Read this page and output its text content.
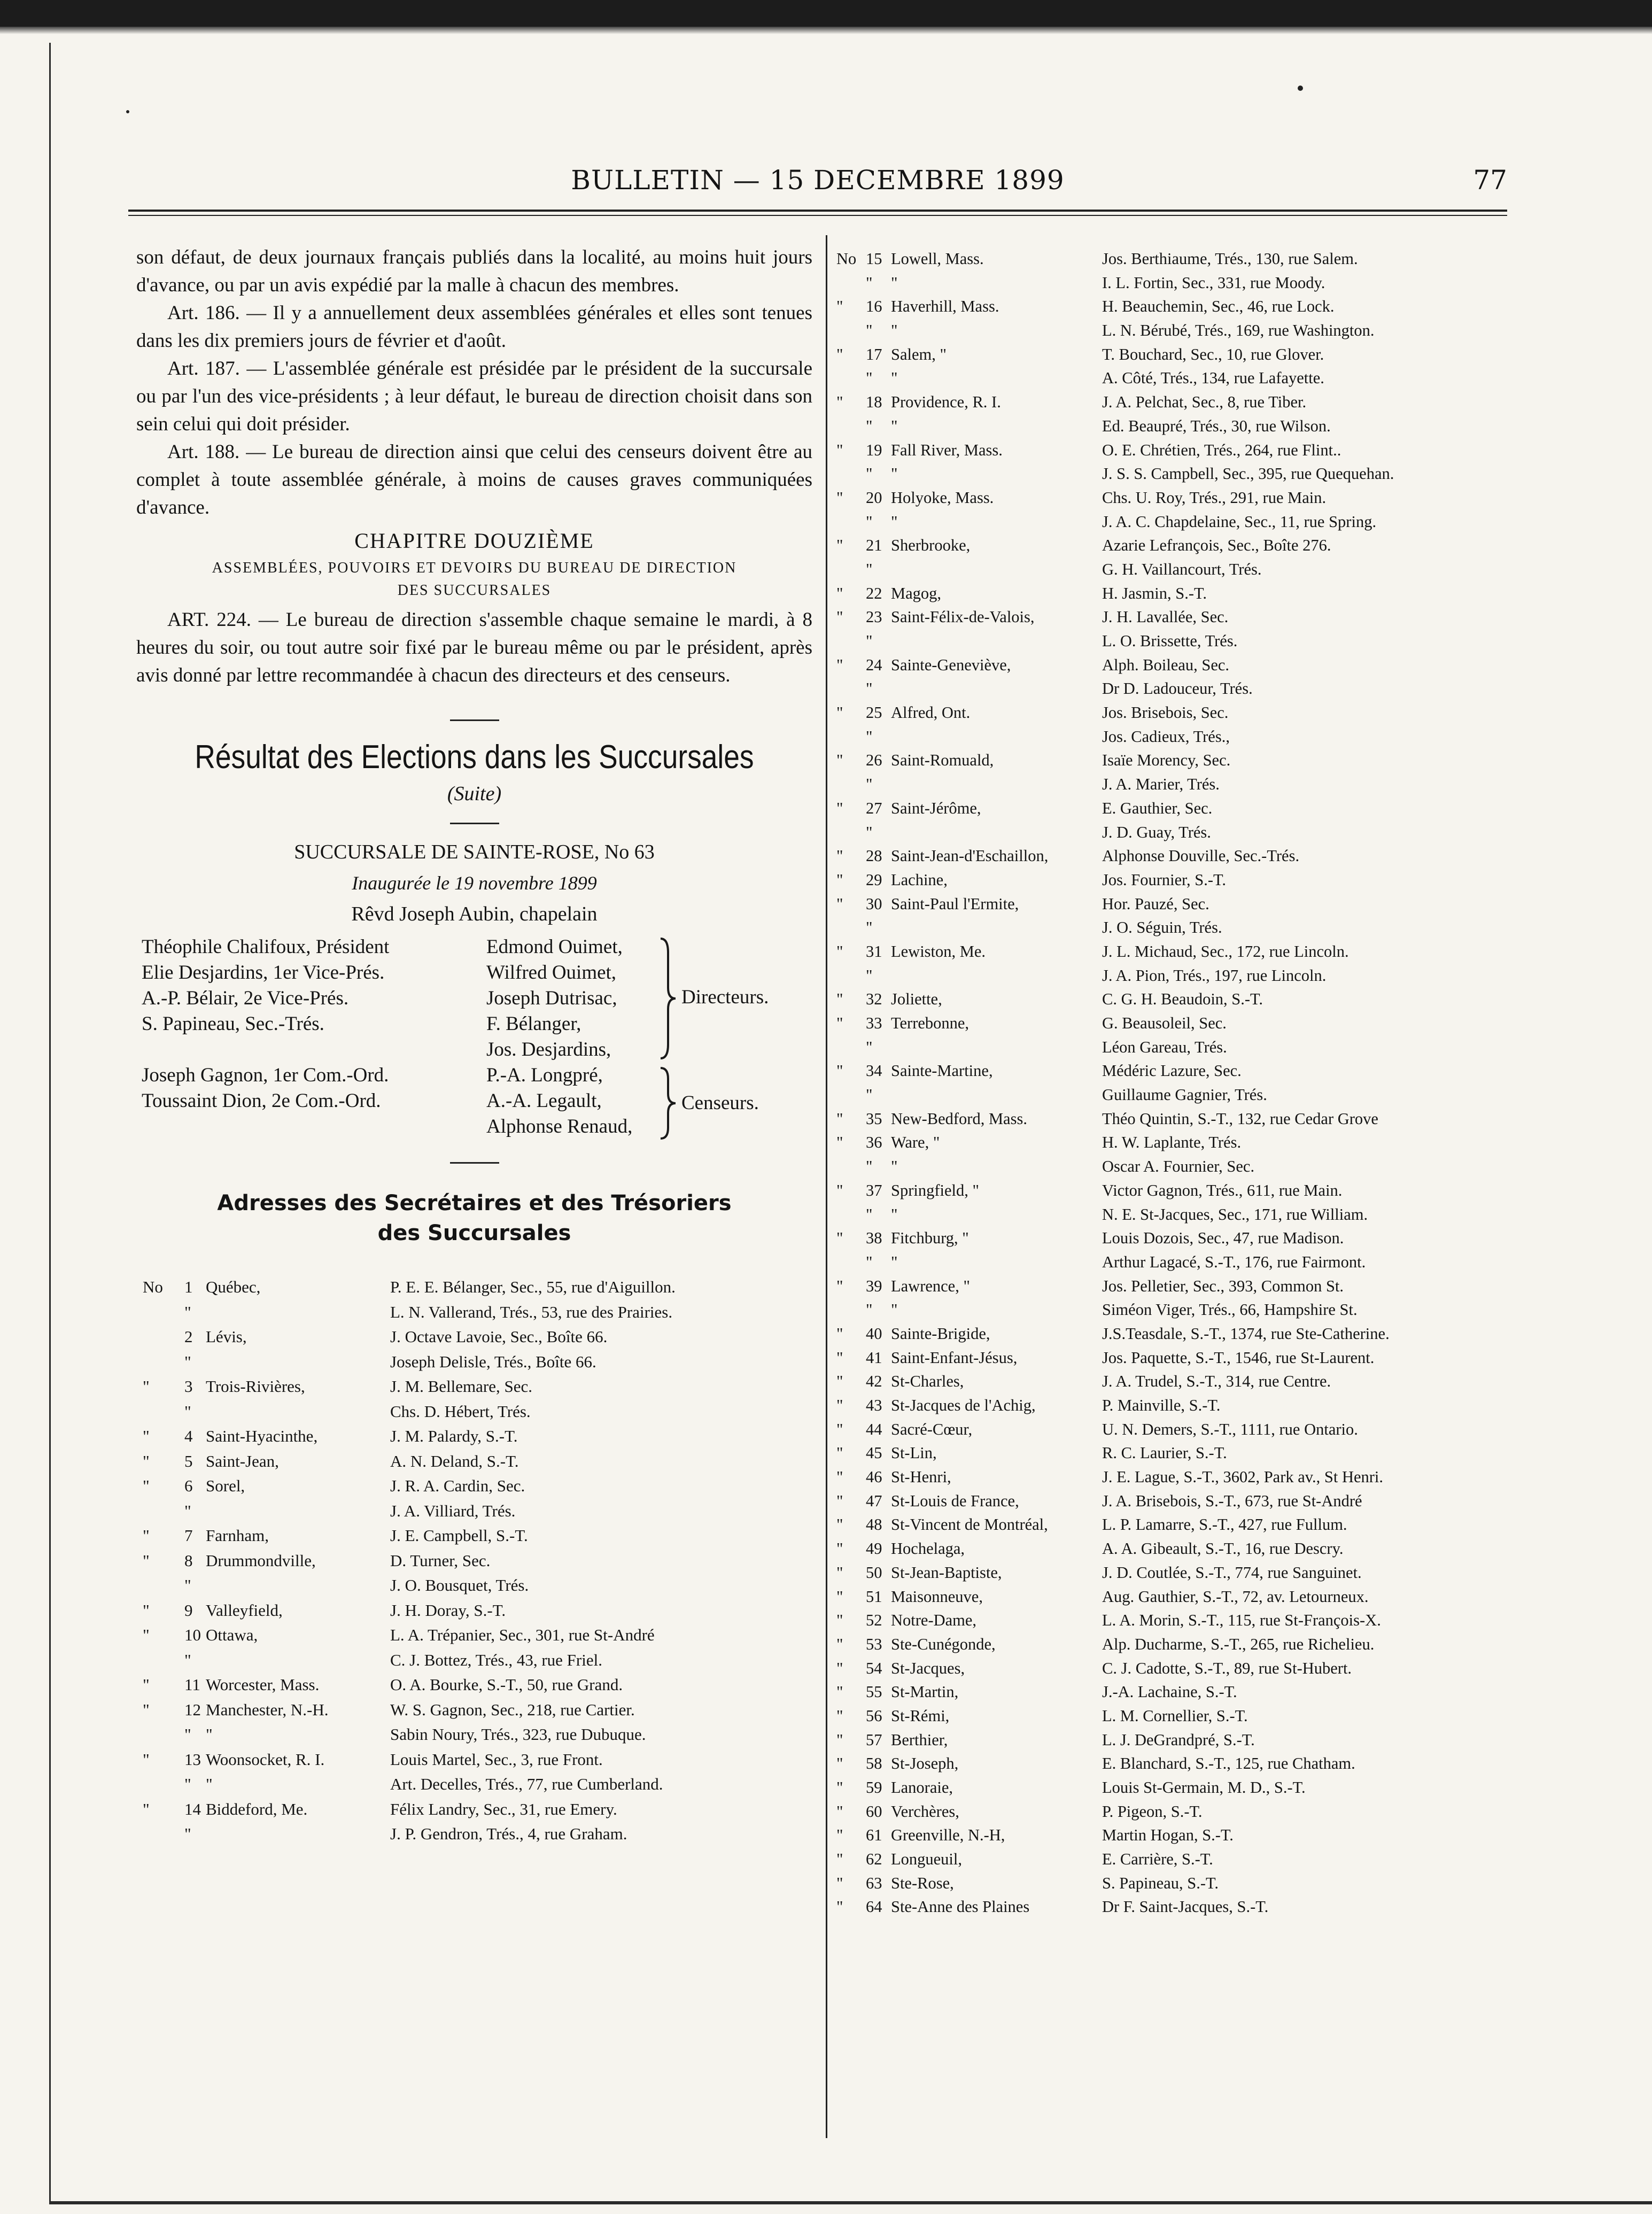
BULLETIN — 15 DECEMBRE 1899	77

son défaut, de deux journaux français publiés dans la localité, au moins huit jours d'avance, ou par un avis expédié par la malle à chacun des membres.

Art. 186. — Il y a annuellement deux assemblées générales et elles sont tenues dans les dix premiers jours de février et d'août.

Art. 187. — L'assemblée générale est présidée par le président de la succursale ou par l'un des vice-présidents ; à leur défaut, le bureau de direction choisit dans son sein celui qui doit présider.

Art. 188. — Le bureau de direction ainsi que celui des censeurs doivent être au complet à toute assemblée générale, à moins de causes graves communiquées d'avance.

CHAPITRE DOUZIÈME
ASSEMBLÉES, POUVOIRS ET DEVOIRS DU BUREAU DE DIRECTION
DES SUCCURSALES

ART. 224. — Le bureau de direction s'assemble chaque semaine le mardi, à 8 heures du soir, ou tout autre soir fixé par le bureau même ou par le président, après avis donné par lettre recommandée à chacun des directeurs et des censeurs.

Résultat des Elections dans les Succursales
(Suite)
SUCCURSALE DE SAINTE-ROSE, No 63
Inaugurée le 19 novembre 1899
Rêvd Joseph Aubin, chapelain
Théophile Chalifoux, Président
Elie Desjardins, 1er Vice-Prés.
A.-P. Bélair, 2e Vice-Prés.
S. Papineau, Sec.-Trés.
Joseph Gagnon, 1er Com.-Ord.
Toussaint Dion, 2e Com.-Ord.
Edmond Ouimet,
Wilfred Ouimet,
Joseph Dutrisac,
F. Bélanger,
Jos. Desjardins,
P.-A. Longpré,
A.-A. Legault,
Alphonse Renaud,
Directeurs.
Censeurs.
Adresses des Secrétaires et des Trésoriers
des Succursales
No 1 Québec,	P. E. E. Bélanger, Sec., 55, rue d'Aiguillon.
"	L. N. Vallerand, Trés., 53, rue des Prairies.
2 Lévis,	J. Octave Lavoie, Sec., Boîte 66.
"	Joseph Delisle, Trés., Boîte 66.
" 3 Trois-Rivières,	J. M. Bellemare, Sec.
"	Chs. D. Hébert, Trés.
" 4 Saint-Hyacinthe,	J. M. Palardy, S.-T.
" 5 Saint-Jean,	A. N. Deland, S.-T.
" 6 Sorel,	J. R. A. Cardin, Sec.
"	J. A. Villiard, Trés.
" 7 Farnham,	J. E. Campbell, S.-T.
" 8 Drummondville,	D. Turner, Sec.
"	J. O. Bousquet, Trés.
" 9 Valleyfield,	J. H. Doray, S.-T.
" 10 Ottawa,	L. A. Trépanier, Sec., 301, rue St-André
"	C. J. Bottez, Trés., 43, rue Friel.
" 11 Worcester, Mass.	O. A. Bourke, S.-T., 50, rue Grand.
" 12 Manchester, N.-H.	W. S. Gagnon, Sec., 218, rue Cartier.
" "	Sabin Noury, Trés., 323, rue Dubuque.
" 13 Woonsocket, R. I.	Louis Martel, Sec., 3, rue Front.
" "	Art. Decelles, Trés., 77, rue Cumberland.
" 14 Biddeford, Me.	Félix Landry, Sec., 31, rue Emery.
"	J. P. Gendron, Trés., 4, rue Graham.
No 15 Lowell, Mass.	Jos. Berthiaume, Trés., 130, rue Salem.
" "	I. L. Fortin, Sec., 331, rue Moody.
" 16 Haverhill, Mass.	H. Beauchemin, Sec., 46, rue Lock.
" "	L. N. Bérubé, Trés., 169, rue Washington.
" 17 Salem, "	T. Bouchard, Sec., 10, rue Glover.
" "	A. Côté, Trés., 134, rue Lafayette.
" 18 Providence, R. I.	J. A. Pelchat, Sec., 8, rue Tiber.
" "	Ed. Beaupré, Trés., 30, rue Wilson.
" 19 Fall River, Mass.	O. E. Chrétien, Trés., 264, rue Flint..
" "	J. S. S. Campbell, Sec., 395, rue Quequehan.
" 20 Holyoke, Mass.	Chs. U. Roy, Trés., 291, rue Main.
" "	J. A. C. Chapdelaine, Sec., 11, rue Spring.
" 21 Sherbrooke,	Azarie Lefrançois, Sec., Boîte 276.
"	G. H. Vaillancourt, Trés.
" 22 Magog,	H. Jasmin, S.-T.
" 23 Saint-Félix-de-Valois,	J. H. Lavallée, Sec.
"	L. O. Brissette, Trés.
" 24 Sainte-Geneviève,	Alph. Boileau, Sec.
"	Dr D. Ladouceur, Trés.
" 25 Alfred, Ont.	Jos. Brisebois, Sec.
"	Jos. Cadieux, Trés.,
" 26 Saint-Romuald,	Isaïe Morency, Sec.
"	J. A. Marier, Trés.
" 27 Saint-Jérôme,	E. Gauthier, Sec.
"	J. D. Guay, Trés.
" 28 Saint-Jean-d'Eschaillon,	Alphonse Douville, Sec.-Trés.
" 29 Lachine,	Jos. Fournier, S.-T.
" 30 Saint-Paul l'Ermite,	Hor. Pauzé, Sec.
"	J. O. Séguin, Trés.
" 31 Lewiston, Me.	J. L. Michaud, Sec., 172, rue Lincoln.
"	J. A. Pion, Trés., 197, rue Lincoln.
" 32 Joliette,	C. G. H. Beaudoin, S.-T.
" 33 Terrebonne,	G. Beausoleil, Sec.
"	Léon Gareau, Trés.
" 34 Sainte-Martine,	Médéric Lazure, Sec.
"	Guillaume Gagnier, Trés.
" 35 New-Bedford, Mass.	Théo Quintin, S.-T., 132, rue Cedar Grove
" 36 Ware, "	H. W. Laplante, Trés.
" "	Oscar A. Fournier, Sec.
" 37 Springfield, "	Victor Gagnon, Trés., 611, rue Main.
" "	N. E. St-Jacques, Sec., 171, rue William.
" 38 Fitchburg, "	Louis Dozois, Sec., 47, rue Madison.
" "	Arthur Lagacé, S.-T., 176, rue Fairmont.
" 39 Lawrence, "	Jos. Pelletier, Sec., 393, Common St.
" "	Siméon Viger, Trés., 66, Hampshire St.
" 40 Sainte-Brigide,	J.S.Teasdale, S.-T., 1374, rue Ste-Catherine.
" 41 Saint-Enfant-Jésus,	Jos. Paquette, S.-T., 1546, rue St-Laurent.
" 42 St-Charles,	J. A. Trudel, S.-T., 314, rue Centre.
" 43 St-Jacques de l'Achig,	P. Mainville, S.-T.
" 44 Sacré-Cœur,	U. N. Demers, S.-T., 1111, rue Ontario.
" 45 St-Lin,	R. C. Laurier, S.-T.
" 46 St-Henri,	J. E. Lague, S.-T., 3602, Park av., St Henri.
" 47 St-Louis de France,	J. A. Brisebois, S.-T., 673, rue St-André
" 48 St-Vincent de Montréal,	L. P. Lamarre, S.-T., 427, rue Fullum.
" 49 Hochelaga,	A. A. Gibeault, S.-T., 16, rue Descry.
" 50 St-Jean-Baptiste,	J. D. Coutlée, S.-T., 774, rue Sanguinet.
" 51 Maisonneuve,	Aug. Gauthier, S.-T., 72, av. Letourneux.
" 52 Notre-Dame,	L. A. Morin, S.-T., 115, rue St-François-X.
" 53 Ste-Cunégonde,	Alp. Ducharme, S.-T., 265, rue Richelieu.
" 54 St-Jacques,	C. J. Cadotte, S.-T., 89, rue St-Hubert.
" 55 St-Martin,	J.-A. Lachaine, S.-T.
" 56 St-Rémi,	L. M. Cornellier, S.-T.
" 57 Berthier,	L. J. DeGrandpré, S.-T.
" 58 St-Joseph,	E. Blanchard, S.-T., 125, rue Chatham.
" 59 Lanoraie,	Louis St-Germain, M. D., S.-T.
" 60 Verchères,	P. Pigeon, S.-T.
" 61 Greenville, N.-H,	Martin Hogan, S.-T.
" 62 Longueuil,	E. Carrière, S.-T.
" 63 Ste-Rose,	S. Papineau, S.-T.
" 64 Ste-Anne des Plaines	Dr F. Saint-Jacques, S.-T.
